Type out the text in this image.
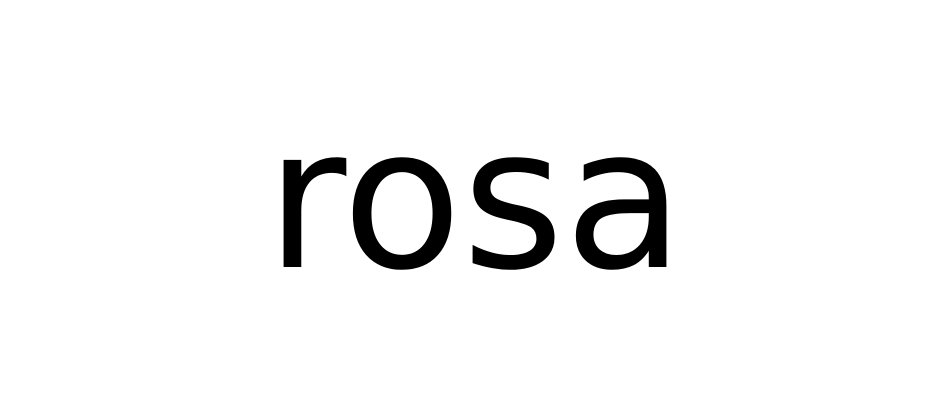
rosa
